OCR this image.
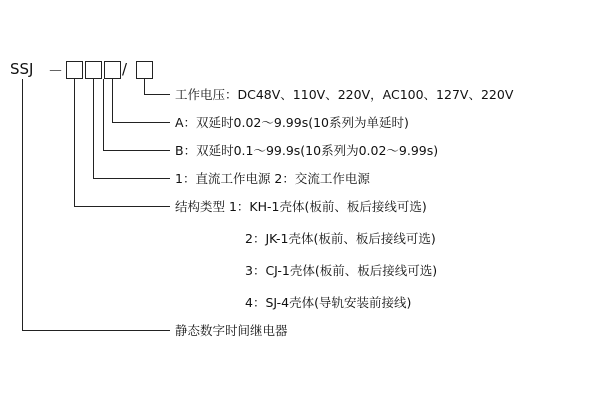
SSJ －	/
工作电压：DC48V、110V、220V，AC100、127V、220V
A：双延时0.02～9.99s(10系列为单延时)
B：双延时0.1～99.9s(10系列为0.02～9.99s)
1：直流工作电源 2：交流工作电源
结构类型 1：KH-1壳体(板前、板后接线可选)
2：JK-1壳体(板前、板后接线可选)
3：CJ-1壳体(板前、板后接线可选)
4：SJ-4壳体(导轨安装前接线)
静态数字时间继电器
